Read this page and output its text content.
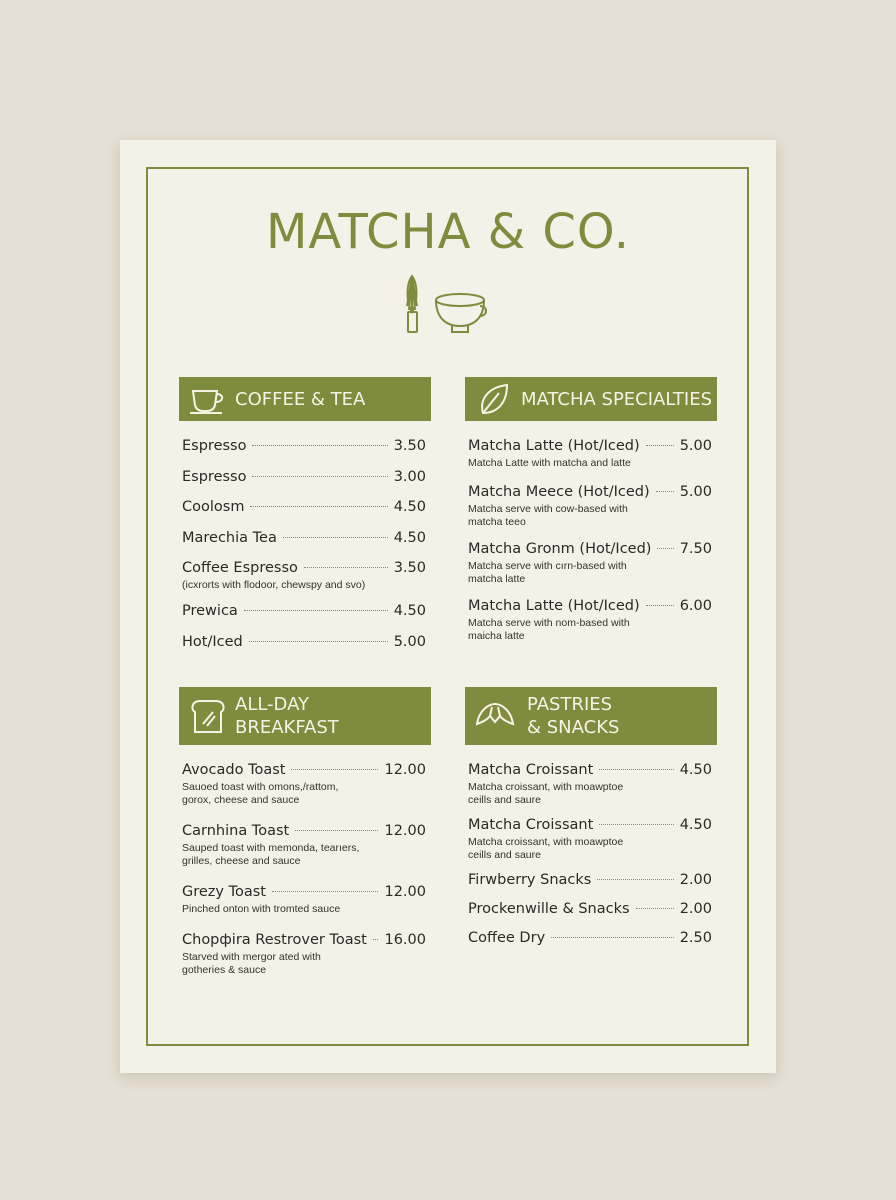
MATCHA & CO.
COFFEE & TEA
Espresso	3.50
Espresso	3.00
Coolosm	4.50
Marechia Tea	4.50
Coffee Espresso	3.50
(icxrorts with flodoor, chewspy and svo)
Prewica	4.50
Hot/Iced	5.00
MATCHA SPECIALTIES
Matcha Latte (Hot/Iced)	5.00
Matcha Latte with matcha and latte
Matcha Meece (Hot/Iced) 5.00
Matcha serve with cow-based with
matcha teeo
Matcha Gronm (Hot/Iced) 7.50
Matcha serve with cırn-based with
matcha latte
Matcha Latte (Hot/Iced)	6.00
Matcha serve with nom-based with
maicha latte
ALL-DAY
BREAKFAST
Avocado Toast	12.00
Sauoed toast with omons,/rattom,
gorox, cheese and sauce
Carnhina Toast	12.00
Sauped toast with memonda, tearıers,
grilles, cheese and sauce
Grezy Toast	12.00
Pinched onton with tromted sauce
Chopфira Restrover Toast 16.00
Starved with mergor ated with
gotheries & sauce
PASTRIES
& SNACKS
Matcha Croissant	4.50
Matcha croissant, with moawptoe
ceills and saure
Matcha Croissant	4.50
Matcha croissant, with moawptoe
ceills and saure
Firwberry Snacks	2.00
Prockenwille & Snacks	2.00
Coffee Dry	2.50
